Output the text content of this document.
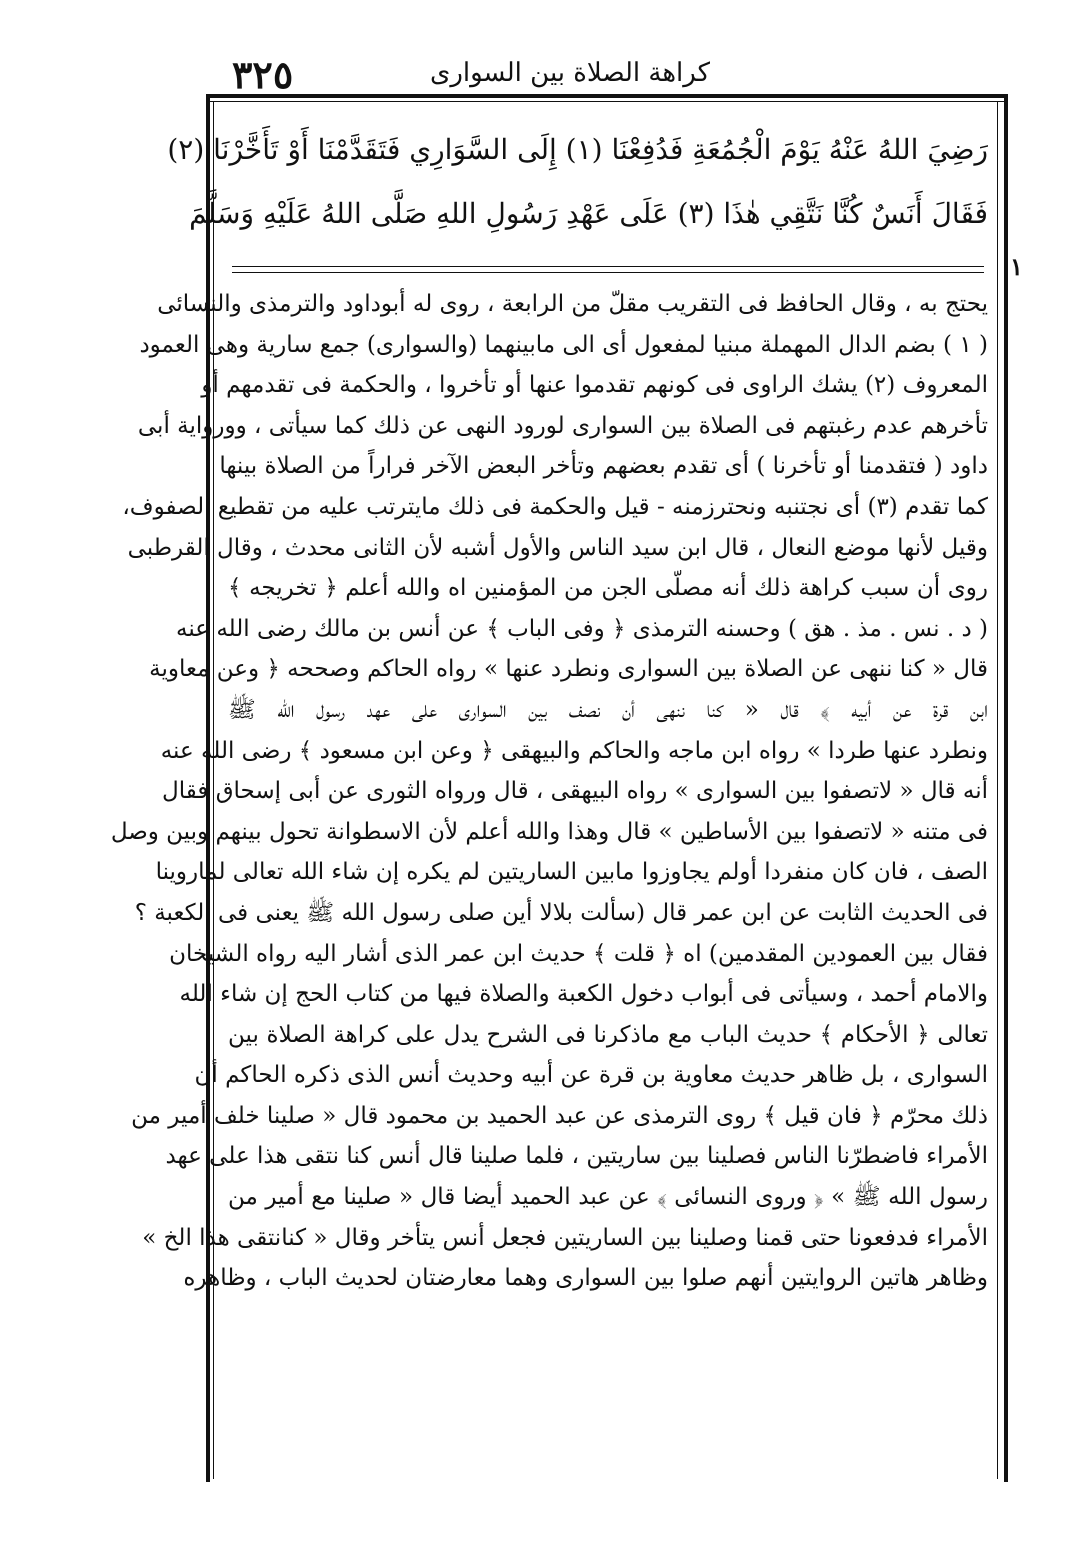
٣٢٥	كراهة الصلاة بين السوارى
١
رَضِيَ اللهُ عَنْهُ يَوْمَ الْجُمُعَةِ فَدُفِعْنَا (١) إِلَى السَّوَارِي فَتَقَدَّمْنَا أَوْ تَأَخَّرْنَا (٢)
فَقَالَ أَنَسٌ كُنَّا نَتَّقِي هٰذَا (٣) عَلَى عَهْدِ رَسُولِ اللهِ صَلَّى اللهُ عَلَيْهِ وَسَلَّمَ
يحتج به ، وقال الحافظ فى التقريب مقلّ من الرابعة ، روى له أبوداود والترمذى والنسائى
( ١ ) بضم الدال المهملة مبنيا لمفعول أى الى مابينهما (والسوارى) جمع سارية وهى العمود
المعروف (٢) يشك الراوى فى كونهم تقدموا عنها أو تأخروا ، والحكمة فى تقدمهم أو
تأخرهم عدم رغبتهم فى الصلاة بين السوارى لورود النهى عن ذلك كما سيأتى ، وورواية أبى
داود ( فتقدمنا أو تأخرنا ) أى تقدم بعضهم وتأخر البعض الآخر فراراً من الصلاة بينها
كما تقدم (٣) أى نجتنبه ونحترزمنه - قيل والحكمة فى ذلك مايترتب عليه من تقطيع الصفوف،
وقيل لأنها موضع النعال ، قال ابن سيد الناس والأول أشبه لأن الثانى محدث ، وقال القرطبى
روى أن سبب كراهة ذلك أنه مصلّى الجن من المؤمنين اه والله أعلم ﴿ تخريجه ﴾
( د . نس . مذ . هق ) وحسنه الترمذى ﴿ وفى الباب ﴾ عن أنس بن مالك رضى الله عنه
قال « كنا ننهى عن الصلاة بين السوارى ونطرد عنها » رواه الحاكم وصححه ﴿ وعن معاوية
ابن قرة عن أبيه ﴾ قال « كنا ننهى أن نصف بين السوارى على عهد رسول الله ﷺ
ونطرد عنها طردا » رواه ابن ماجه والحاكم والبيهقى ﴿ وعن ابن مسعود ﴾ رضى الله عنه
أنه قال « لاتصفوا بين السوارى » رواه البيهقى ، قال ورواه الثورى عن أبى إسحاق فقال
فى متنه « لاتصفوا بين الأساطين » قال وهذا والله أعلم لأن الاسطوانة تحول بينهم وبين وصل
الصف ، فان كان منفردا أولم يجاوزوا مابين الساريتين لم يكره إن شاء الله تعالى لماروينا
فى الحديث الثابت عن ابن عمر قال (سألت بلالا أين صلى رسول الله ﷺ يعنى فى الكعبة ؟
فقال بين العمودين المقدمين) اه ﴿ قلت ﴾ حديث ابن عمر الذى أشار اليه رواه الشيخان
والامام أحمد ، وسيأتى فى أبواب دخول الكعبة والصلاة فيها من كتاب الحج إن شاء الله
تعالى ﴿ الأحكام ﴾ حديث الباب مع ماذكرنا فى الشرح يدل على كراهة الصلاة بين
السوارى ، بل ظاهر حديث معاوية بن قرة عن أبيه وحديث أنس الذى ذكره الحاكم أن
ذلك محرّم ﴿ فان قيل ﴾ روى الترمذى عن عبد الحميد بن محمود قال « صلينا خلف أمير من
الأمراء فاضطرّنا الناس فصلينا بين ساريتين ، فلما صلينا قال أنس كنا نتقى هذا على عهد
رسول الله ﷺ » ﴿ وروى النسائى ﴾ عن عبد الحميد أيضا قال « صلينا مع أمير من
الأمراء فدفعونا حتى قمنا وصلينا بين الساريتين فجعل أنس يتأخر وقال « كنانتقى هذا الخ »
وظاهر هاتين الروايتين أنهم صلوا بين السوارى وهما معارضتان لحديث الباب ، وظاهره
